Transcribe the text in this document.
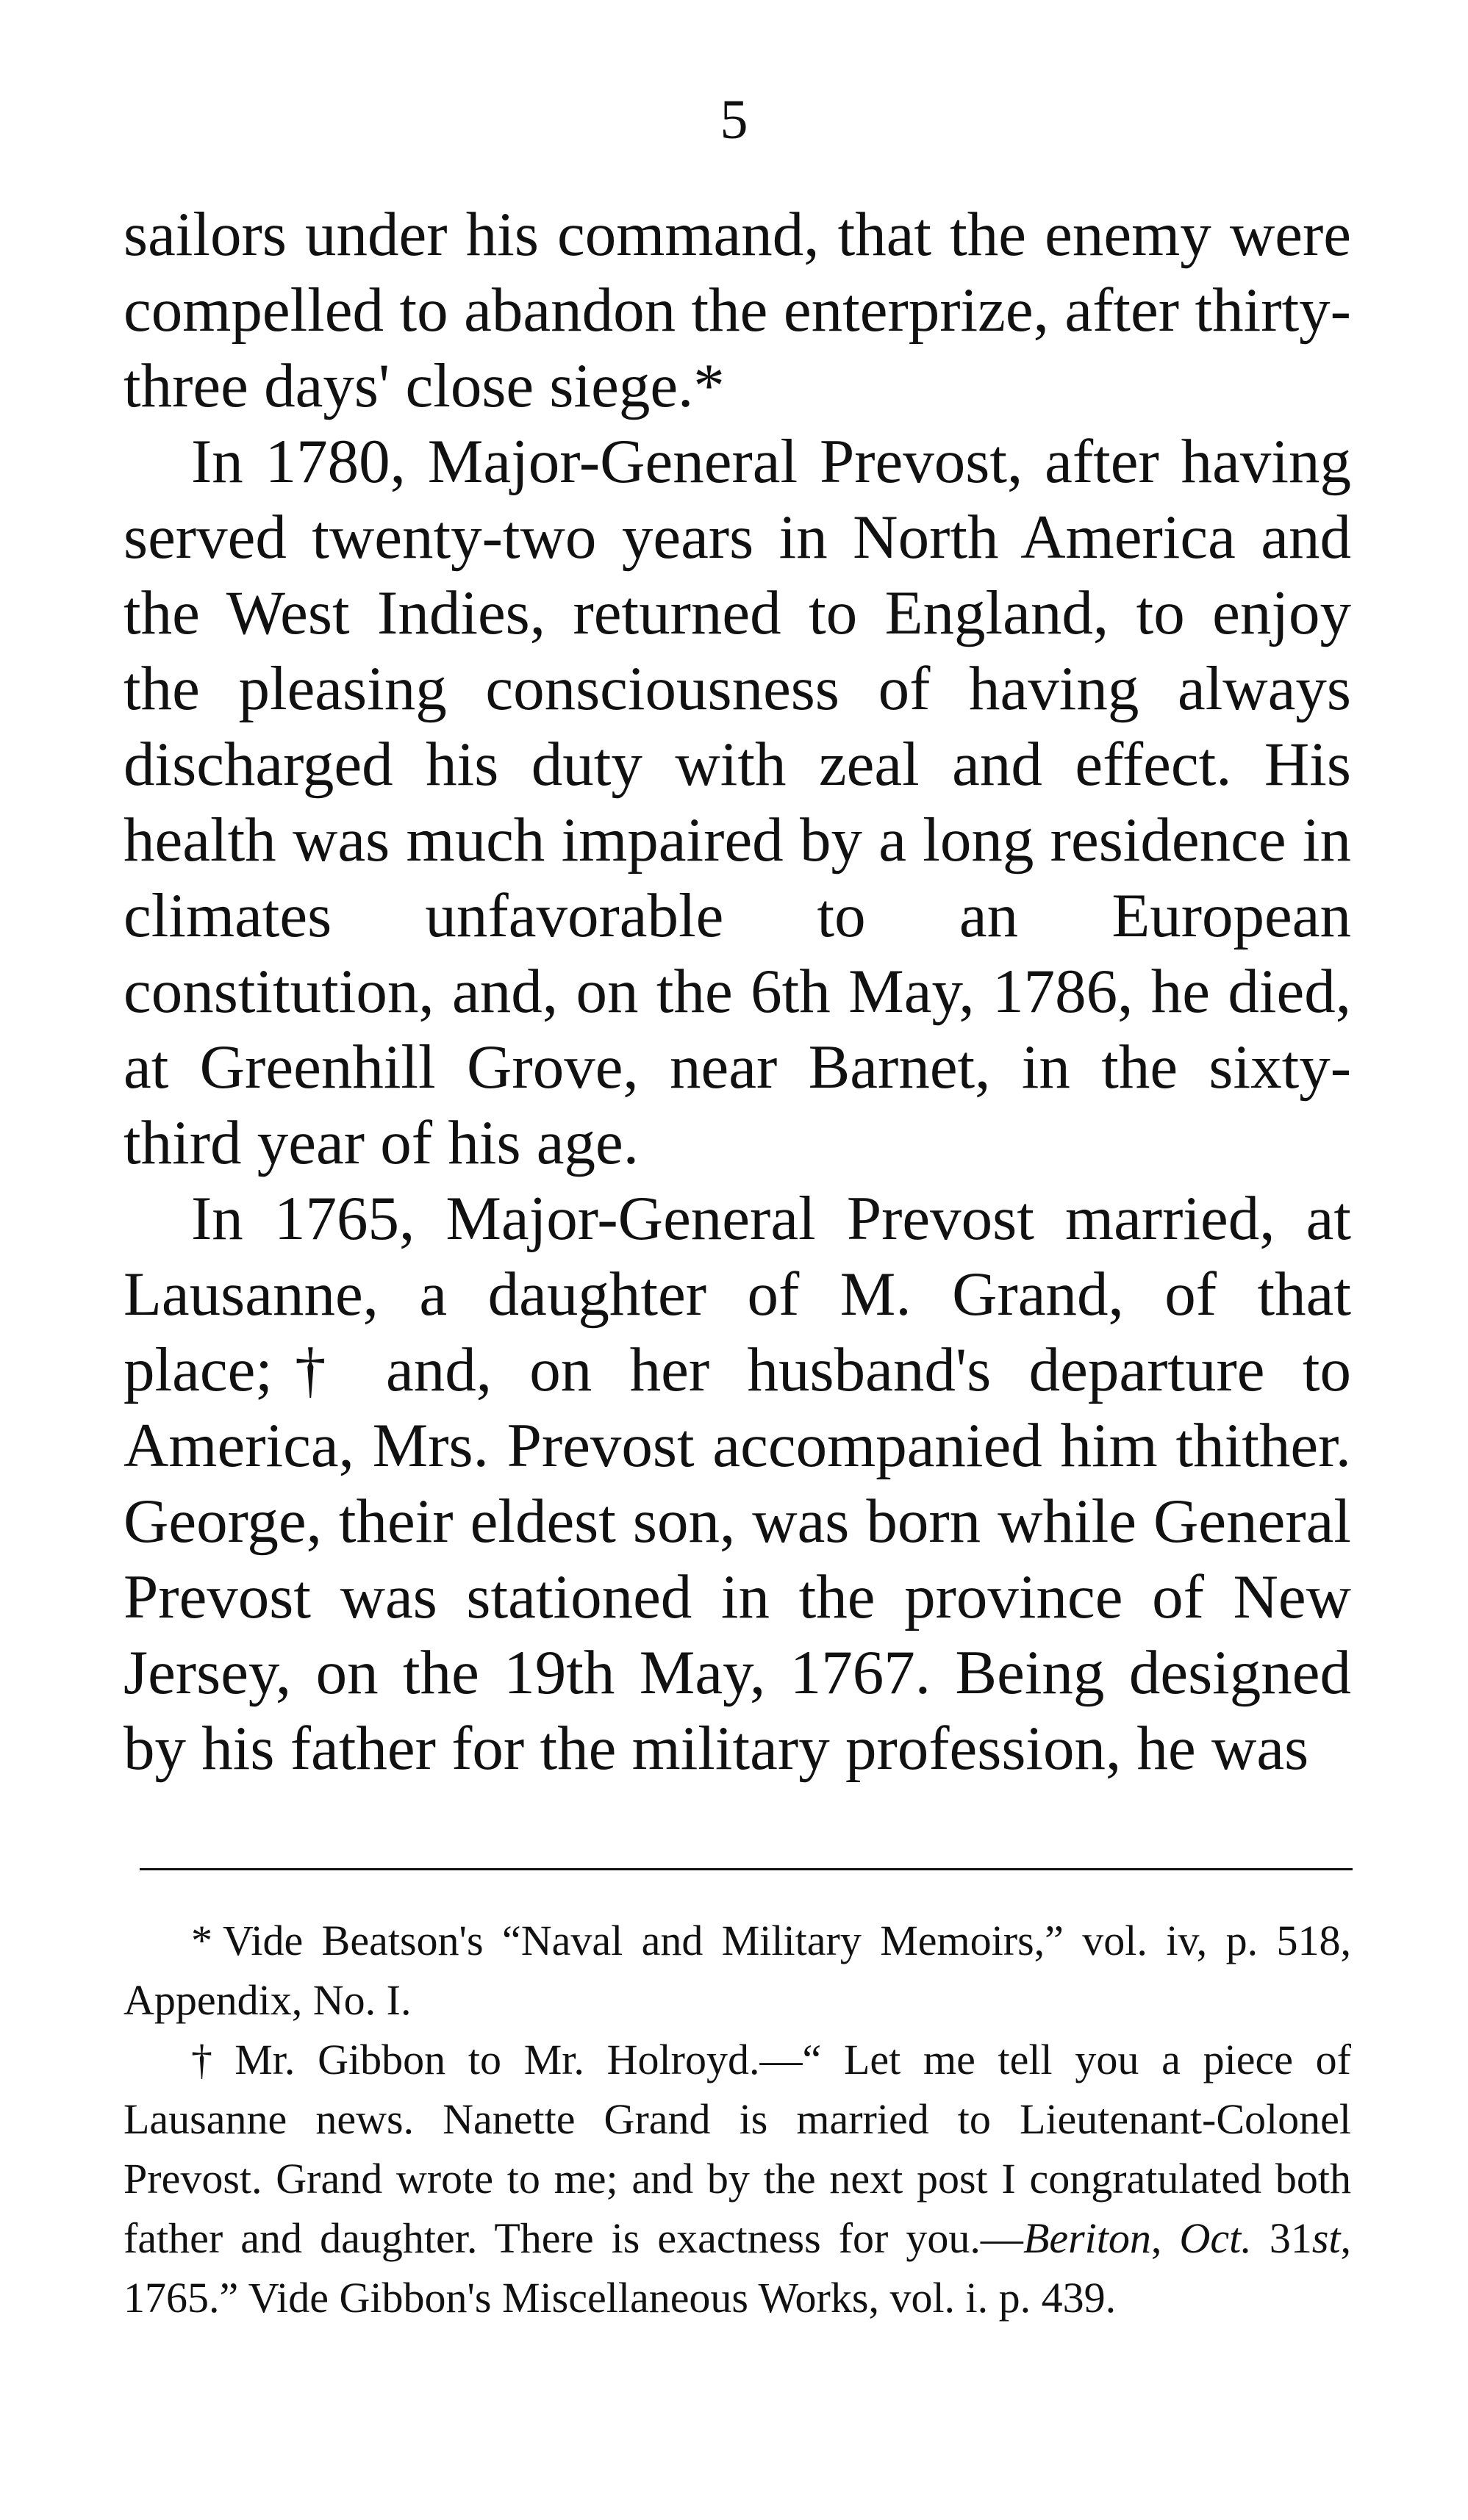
5

sailors under his command, that the enemy were compelled to abandon the enterprize, after thirty-three days' close siege.*

In 1780, Major-General Prevost, after having served twenty-two years in North America and the West Indies, returned to England, to enjoy the pleasing consciousness of having always discharged his duty with zeal and effect. His health was much impaired by a long residence in climates unfavorable to an European constitution, and, on the 6th May, 1786, he died, at Greenhill Grove, near Barnet, in the sixty-third year of his age.

In 1765, Major-General Prevost married, at Lausanne, a daughter of M. Grand, of that place;† and, on her husband's departure to America, Mrs. Prevost accompanied him thither. George, their eldest son, was born while General Prevost was stationed in the province of New Jersey, on the 19th May, 1767. Being designed by his father for the military profession, he was

* Vide Beatson's “Naval and Military Memoirs,” vol. iv, p. 518, Appendix, No. I.

† Mr. Gibbon to Mr. Holroyd.—“ Let me tell you a piece of Lausanne news. Nanette Grand is married to Lieutenant-Colonel Prevost. Grand wrote to me; and by the next post I congratulated both father and daughter. There is exactness for you.—Beriton, Oct. 31st, 1765.” Vide Gibbon's Miscellaneous Works, vol. i. p. 439.
